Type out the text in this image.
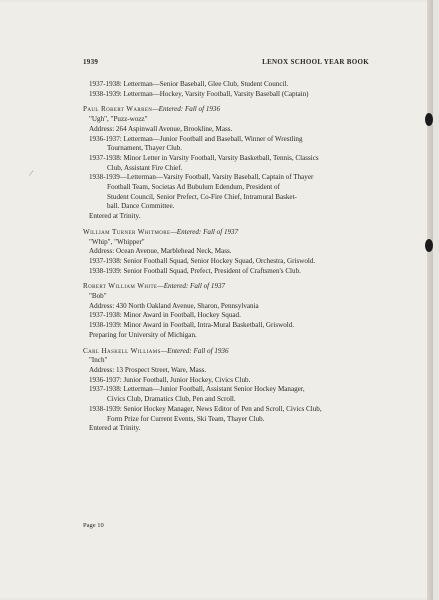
/
1939	LENOX SCHOOL YEAR BOOK
1937-1938: Letterman—Senior Baseball, Glee Club, Student Council.
1938-1939: Letterman—Hockey, Varsity Football, Varsity Baseball (Captain)
Paul Robert Warren—Entered: Fall of 1936
"Ugh", "Puzz-wozz"
Address: 264 Aspinwall Avenue, Brookline, Mass.
1936-1937: Letterman—Junior Football and Baseball, Winner of Wrestling
Tournament, Thayer Club.
1937-1938: Minor Letter in Varsity Football, Varsity Basketball, Tennis, Classics
Club, Assistant Fire Chief.
1938-1939—Letterman—Varsity Football, Varsity Baseball, Captain of Thayer
Football Team, Societas Ad Bubulum Edendum, President of
Student Council, Senior Prefect, Co-Fire Chief, Intramural Basket-
ball. Dance Committee.
Entered at Trinity.
William Turner Whitmore—Entered: Fall of 1937
"Whip", "Whipper"
Address: Ocean Avenue, Marblehead Neck, Mass.
1937-1938: Senior Football Squad, Senior Hockey Squad, Orchestra, Griswold.
1938-1939: Senior Football Squad, Prefect, President of Craftsmen's Club.
Robert William White—Entered: Fall of 1937
"Bob"
Address: 430 North Oakland Avenue, Sharon, Pennsylvania
1937-1938: Minor Award in Football, Hockey Squad.
1938-1939: Minor Award in Football, Intra-Mural Basketball, Griswold.
Preparing for University of Michigan.
Carl Haskell Williams—Entered: Fall of 1936
"Inch"
Address: 13 Prospect Street, Ware, Mass.
1936-1937: Junior Football, Junior Hockey, Civics Club.
1937-1938: Letterman—Junior Football, Assistant Senior Hockey Manager,
Civics Club, Dramatics Club, Pen and Scroll.
1938-1939: Senior Hockey Manager, News Editor of Pen and Scroll, Civics Club,
Form Prize for Current Events, Ski Team, Thayer Club.
Entered at Trinity.
Page 10
